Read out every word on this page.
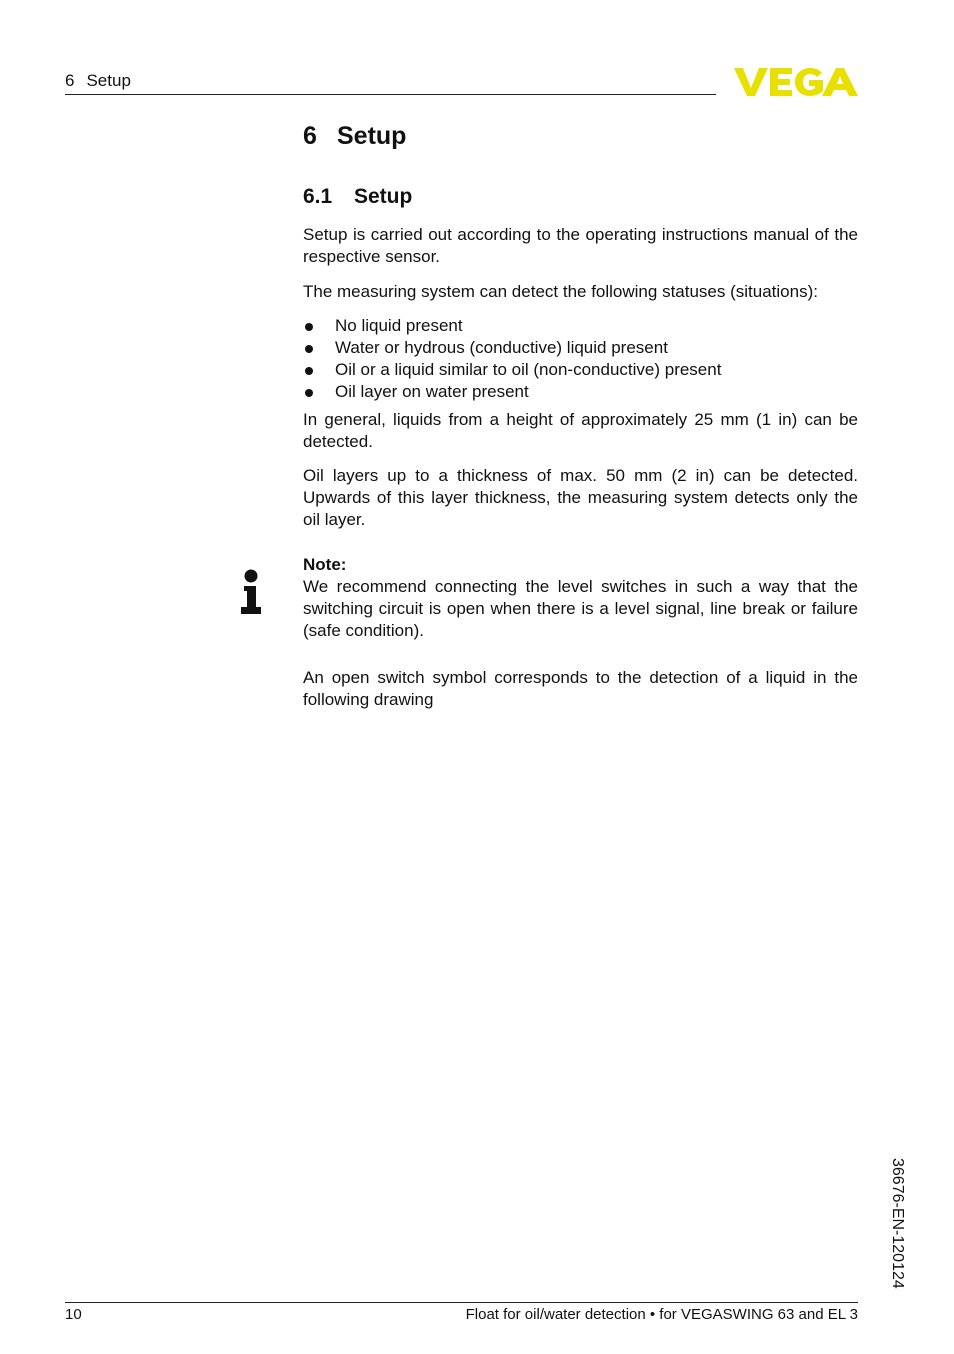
6 Setup
6 Setup
6.1 Setup

Setup is carried out according to the operating instructions manual of the respective sensor.

The measuring system can detect the following statuses (situations):

No liquid present
Water or hydrous (conductive) liquid present
Oil or a liquid similar to oil (non-conductive) present
Oil layer on water present

In general, liquids from a height of approximately 25 mm (1 in) can be detected.

Oil layers up to a thickness of max. 50 mm (2 in) can be detected. Upwards of this layer thickness, the measuring system detects only the oil layer.

Note:

We recommend connecting the level switches in such a way that the switching circuit is open when there is a level signal, line break or failure (safe condition).

An open switch symbol corresponds to the detection of a liquid in the following drawing

36676-EN-120124
10	Float for oil/water detection • for VEGASWING 63 and EL 3
